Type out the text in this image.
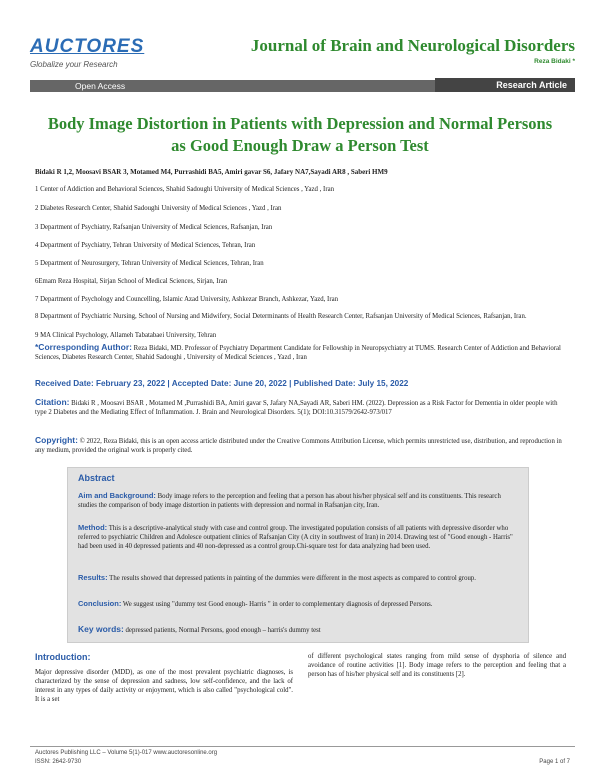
AUCTORES
Globalize your Research
Journal of Brain and Neurological Disorders
Reza Bidaki *
Open Access	Research Article
Body Image Distortion in Patients with Depression and Normal Persons as Good Enough Draw a Person Test
Bidaki R 1,2, Moosavi BSAR 3, Motamed M4, Purrashidi BA5, Amiri gavar S6, Jafary NA7,Sayadi AR8 , Saberi HM9
1 Center of Addiction and Behavioral Sciences, Shahid Sadoughi University of Medical Sciences , Yazd , Iran
2 Diabetes Research Center, Shahid Sadoughi University of Medical Sciences , Yazd , Iran
3 Department of Psychiatry, Rafsanjan University of Medical Sciences, Rafsanjan, Iran
4 Department of Psychiatry, Tehran University of Medical Sciences, Tehran, Iran
5 Department of Neurosurgery, Tehran University of Medical Sciences, Tehran, Iran
6Emam Reza Hospital, Sirjan School of Medical Sciences, Sirjan, Iran
7 Department of Psychology and Councelling, Islamic Azad University, Ashkezar Branch, Ashkezar, Yazd, Iran
8 Department of Psychiatric Nursing, School of Nursing and Midwifery, Social Determinants of Health Research Center, Rafsanjan University of Medical Sciences, Rafsanjan, Iran.
9 MA Clinical Psychology, Allameh Tabatabaei University, Tehran
*Corresponding Author: Reza Bidaki, MD. Professor of Psychiatry Department Candidate for Fellowship in Neuropsychiatry at TUMS. Research Center of Addiction and Behavioral Sciences, Diabetes Research Center, Shahid Sadoughi , University of Medical Sciences , Yazd , Iran
Received Date: February 23, 2022 | Accepted Date: June 20, 2022 | Published Date: July 15, 2022
Citation: Bidaki R , Moosavi BSAR , Motamed M ,Purrashidi BA, Amiri gavar S, Jafary NA,Sayadi AR, Saberi HM. (2022). Depression as a Risk Factor for Dementia in older people with type 2 Diabetes and the Mediating Effect of Inflammation. J. Brain and Neurological Disorders. 5(1); DOI:10.31579/2642-973/017
Copyright: © 2022, Reza Bidaki, this is an open access article distributed under the Creative Commons Attribution License, which permits unrestricted use, distribution, and reproduction in any medium, provided the original work is properly cited.
Abstract
Aim and Background: Body image refers to the perception and feeling that a person has about his/her physical self and its constituents. This research studies the comparison of body image distortion in patients with depression and normal in Rafsanjan city, Iran.
Method: This is a descriptive-analytical study with case and control group. The investigated population consists of all patients with depressive disorder who referred to psychiatric Children and Adolesce outpatient clinics of Rafsanjan City (A city in southwest of Iran) in 2014. Drawing test of "Good enough - Harris" had been used in 40 depressed patients and 40 non-depressed as a control group.Chi-square test for data analyzing had been used.
Results: The results showed that depressed patients in painting of the dummies were different in the most aspects as compared to control group.
Conclusion: We suggest using "dummy test Good enough- Harris " in order to complementary diagnosis of depressed Persons.
Key words: depressed patients, Normal Persons, good enough – harris's dummy test
Introduction:
Major depressive disorder (MDD), as one of the most prevalent psychiatric diagnoses, is characterized by the sense of depression and sadness, low self-confidence, and the lack of interest in any types of daily activity or enjoyment, which is also called "psychological cold". It is a set
of different psychological states ranging from mild sense of dysphoria of silence and avoidance of routine activities [1]. Body image refers to the perception and feeling that a person has of his/her physical self and its constituents [2].
Auctores Publishing LLC – Volume 5(1)-017 www.auctoresonline.org
ISSN: 2642-9730	Page 1 of 7
